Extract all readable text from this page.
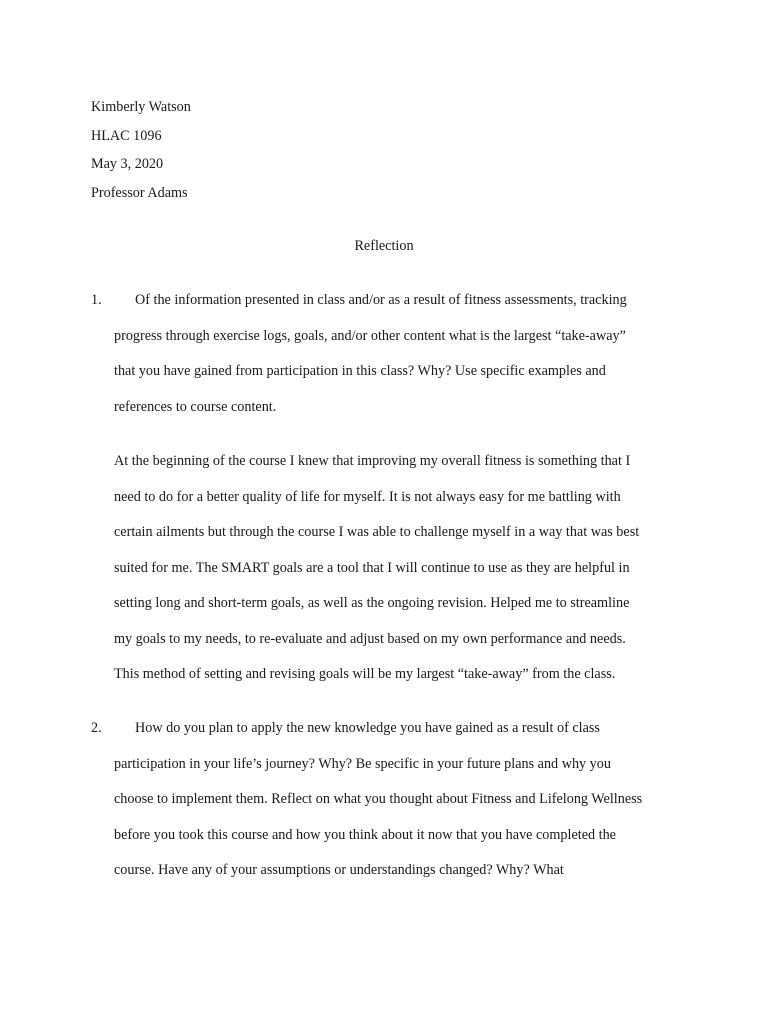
Kimberly Watson
HLAC 1096
May 3, 2020
Professor Adams
Reflection
1. Of the information presented in class and/or as a result of fitness assessments, tracking
progress through exercise logs, goals, and/or other content what is the largest “take-away”
that you have gained from participation in this class? Why? Use specific examples and
references to course content.
At the beginning of the course I knew that improving my overall fitness is something that I
need to do for a better quality of life for myself. It is not always easy for me battling with
certain ailments but through the course I was able to challenge myself in a way that was best
suited for me. The SMART goals are a tool that I will continue to use as they are helpful in
setting long and short-term goals, as well as the ongoing revision. Helped me to streamline
my goals to my needs, to re-evaluate and adjust based on my own performance and needs.
This method of setting and revising goals will be my largest “take-away” from the class.
2. How do you plan to apply the new knowledge you have gained as a result of class
participation in your life’s journey? Why? Be specific in your future plans and why you
choose to implement them. Reflect on what you thought about Fitness and Lifelong Wellness
before you took this course and how you think about it now that you have completed the
course. Have any of your assumptions or understandings changed? Why? What
